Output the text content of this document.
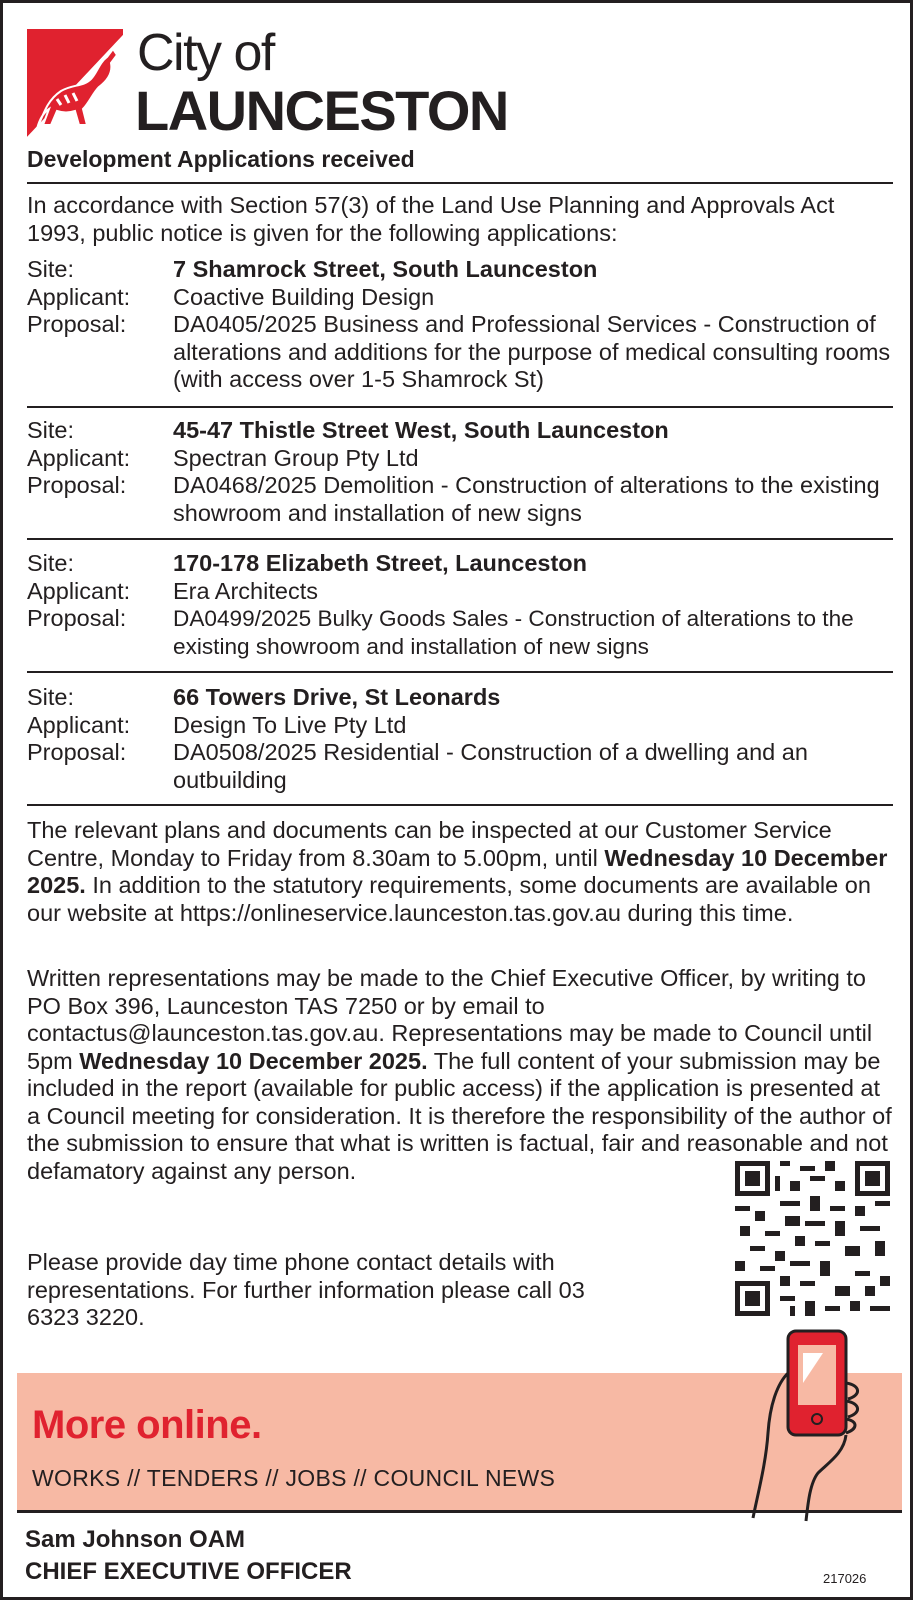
City of
LAUNCESTON
Development Applications received
In accordance with Section 57(3) of the Land Use Planning and Approvals Act 1993, public notice is given for the following applications:
Site:	7 Shamrock Street, South Launceston
Applicant:	Coactive Building Design
Proposal:	DA0405/2025 Business and Professional Services - Construction of alterations and additions for the purpose of medical consulting rooms (with access over 1-5 Shamrock St)
Site:	45-47 Thistle Street West, South Launceston
Applicant:	Spectran Group Pty Ltd
Proposal:	DA0468/2025 Demolition - Construction of alterations to the existing showroom and installation of new signs
Site:	170-178 Elizabeth Street, Launceston
Applicant:	Era Architects
Proposal:	DA0499/2025 Bulky Goods Sales - Construction of alterations to the existing showroom and installation of new signs
Site:	66 Towers Drive, St Leonards
Applicant:	Design To Live Pty Ltd
Proposal:	DA0508/2025 Residential - Construction of a dwelling and an outbuilding
The relevant plans and documents can be inspected at our Customer Service Centre, Monday to Friday from 8.30am to 5.00pm, until Wednesday 10 December 2025. In addition to the statutory requirements, some documents are available on our website at https://onlineservice.launceston.tas.gov.au during this time.
Written representations may be made to the Chief Executive Officer, by writing to PO Box 396, Launceston TAS 7250 or by email to contactus@launceston.tas.gov.au. Representations may be made to Council until 5pm Wednesday 10 December 2025. The full content of your submission may be included in the report (available for public access) if the application is presented at a Council meeting for consideration. It is therefore the responsibility of the author of the submission to ensure that what is written is factual, fair and reasonable and not defamatory against any person.
Please provide day time phone contact details with representations. For further information please call 03 6323 3220.
More online.
WORKS // TENDERS // JOBS // COUNCIL NEWS
Sam Johnson OAM
CHIEF EXECUTIVE OFFICER	217026
